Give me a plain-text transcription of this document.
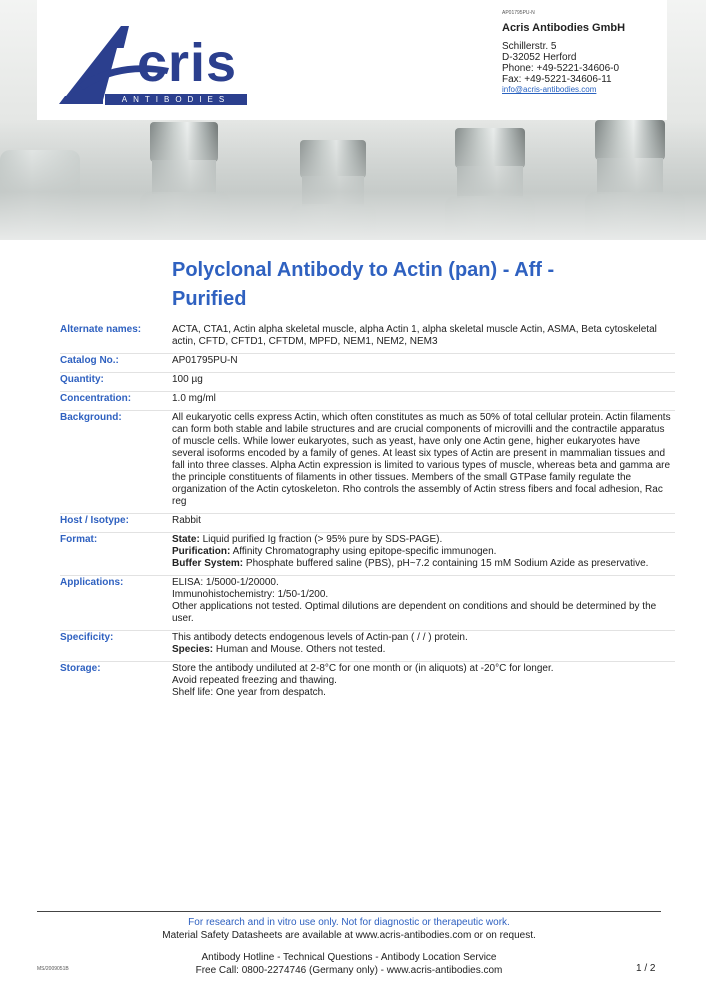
cris
ANTIBODIES
AP01795PU-N
Acris Antibodies GmbH
Schillerstr. 5
D-32052 Herford
Phone: +49-5221-34606-0
Fax: +49-5221-34606-11
info@acris-antibodies.com
Polyclonal Antibody to Actin (pan) - Aff - Purified
Alternate names:	ACTA, CTA1, Actin alpha skeletal muscle, alpha Actin 1, alpha skeletal muscle Actin, ASMA, Beta cytoskeletal actin, CFTD, CFTD1, CFTDM, MPFD, NEM1, NEM2, NEM3
Catalog No.:	AP01795PU-N
Quantity:	100 µg
Concentration:	1.0 mg/ml
Background:	All eukaryotic cells express Actin, which often constitutes as much as 50% of total cellular protein. Actin filaments can form both stable and labile structures and are crucial components of microvilli and the contractile apparatus of muscle cells. While lower eukaryotes, such as yeast, have only one Actin gene, higher eukaryotes have several isoforms encoded by a family of genes. At least six types of Actin are present in mammalian tissues and fall into three classes. Alpha Actin expression is limited to various types of muscle, whereas beta and gamma are the principle constituents of filaments in other tissues. Members of the small GTPase family regulate the organization of the Actin cytoskeleton. Rho controls the assembly of Actin stress fibers and focal adhesion, Rac reg
Host / Isotype:	Rabbit
Format:	State: Liquid purified Ig fraction (> 95% pure by SDS-PAGE).
Purification: Affinity Chromatography using epitope-specific immunogen.
Buffer System: Phosphate buffered saline (PBS), pH~7.2 containing 15 mM Sodium Azide as preservative.
Applications:	ELISA: 1/5000-1/20000.
Immunohistochemistry: 1/50-1/200.
Other applications not tested. Optimal dilutions are dependent on conditions and should be determined by the user.
Specificity:	This antibody detects endogenous levels of Actin-pan ( / / ) protein.
Species: Human and Mouse. Others not tested.
Storage:	Store the antibody undiluted at 2-8°C for one month or (in aliquots) at -20°C for longer.
Avoid repeated freezing and thawing.
Shelf life: One year from despatch.
For research and in vitro use only. Not for diagnostic or therapeutic work.
Material Safety Datasheets are available at www.acris-antibodies.com or on request.
Antibody Hotline - Technical Questions - Antibody Location Service
Free Call: 0800-2274746 (Germany only) - www.acris-antibodies.com
MS/2009051B	1 / 2
